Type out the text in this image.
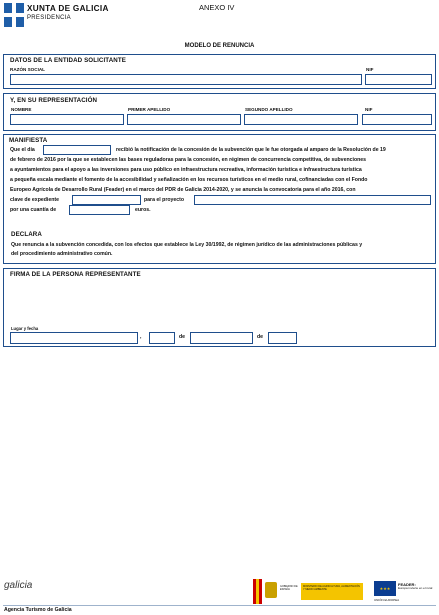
XUNTA DE GALICIA
PRESIDENCIA
ANEXO IV
MODELO DE RENUNCIA
DATOS DE LA ENTIDAD SOLICITANTE
RAZÓN SOCIAL	NIF
Y, EN SU REPRESENTACIÓN
NOMBRE	PRIMER APELLIDO	SEGUNDO APELLIDO	NIF
MANIFIESTA
Que el día	recibió la notificación de la concesión de la subvención que le fue otorgada al amparo de la Resolución de 19
de febrero de 2016 por la que se establecen las bases reguladoras para la concesión, en régimen de concurrencia competitiva, de subvenciones
a ayuntamientos para el apoyo a las inversiones para uso público en infraestructura recreativa, información turística e infraestructura turística
a pequeña escala mediante el fomento de la accesibilidad y señalización en los recursos turísticos en el medio rural, cofinanciadas con el Fondo
Europeo Agrícola de Desarrollo Rural (Feader) en el marco del PDR de Galicia 2014-2020, y se anuncia la convocatoria para el año 2016, con
clave de expediente	para el proyecto
por una cuantía de	euros.
DECLARA
Que renuncia a la subvención concedida, con los efectos que establece la Ley 30/1992, de régimen jurídico de las administraciones públicas y
del procedimiento administrativo común.
FIRMA DE LA PERSONA REPRESENTANTE
Lugar y fecha
,	de	de
galicia	GOBIERNO DE ESPAÑA
MINISTERIO DE AGRICULTURA, ALIMENTACIÓN Y MEDIO AMBIENTE	★★★
FEADER:
Europa invierte en el rural
UNIÓN EUROPEA
Agencia Turismo de Galicia
